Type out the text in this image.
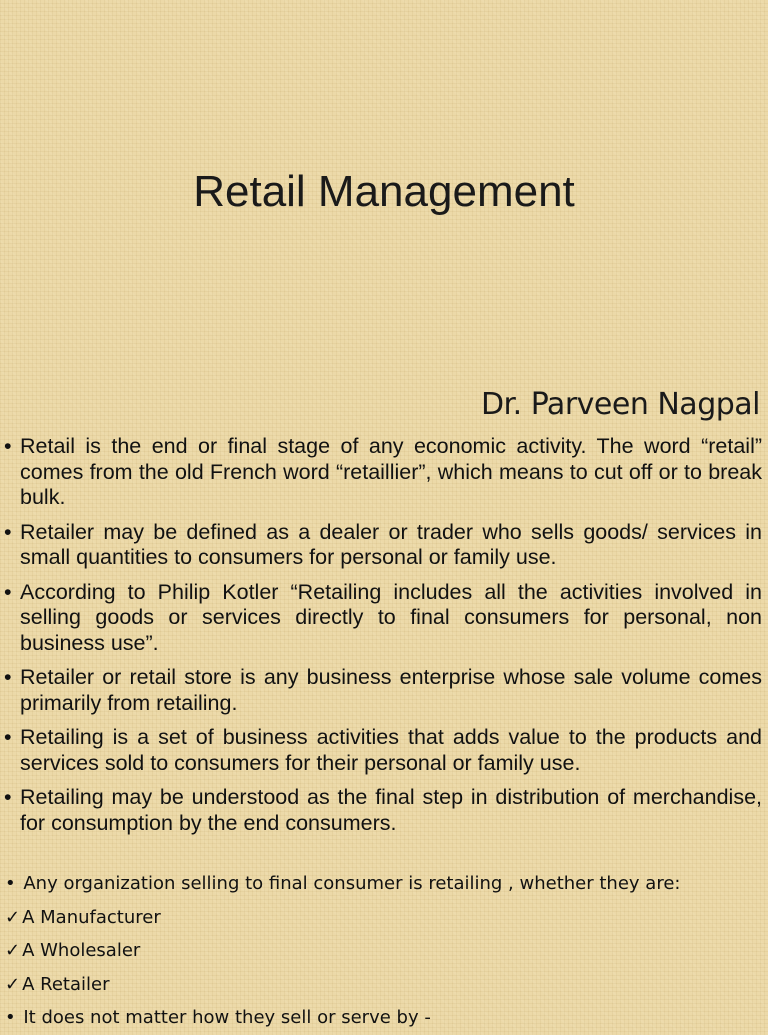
Retail Management
Dr. Parveen Nagpal
• Retail is the end or final stage of any economic activity. The word “retail” comes from the old French word “retaillier”, which means to cut off or to break bulk.
• Retailer may be defined as a dealer or trader who sells goods/ services in small quantities to consumers for personal or family use.
• According to Philip Kotler “Retailing includes all the activities involved in selling goods or services directly to final consumers for personal, non business use”.
• Retailer or retail store is any business enterprise whose sale volume comes primarily from retailing.
• Retailing is a set of business activities that adds value to the products and services sold to consumers for their personal or family use.
• Retailing may be understood as the final step in distribution of merchandise, for consumption by the end consumers.
• Any organization selling to final consumer is retailing , whether they are:
✓ A Manufacturer
✓ A Wholesaler
✓ A Retailer
• It does not matter how they sell or serve by -
